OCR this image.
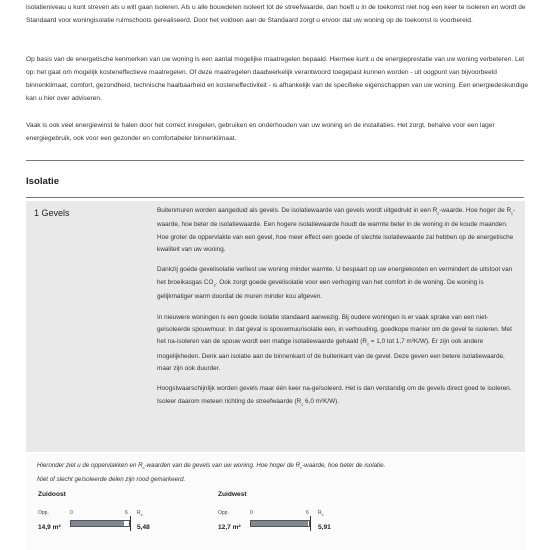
isolatieniveau u kunt streven als u wilt gaan isoleren. Als u alle bouwdelen isoleert tot de streefwaarde, dan hoeft u in de toekomst niet nog een keer te isoleren en wordt de Standaard voor woningisolatie ruimschoots gerealiseerd. Door het voldoen aan de Standaard zorgt u ervoor dat uw woning op de toekomst is voorbereid.

Op basis van de energetische kenmerken van uw woning is een aantal mogelijke maatregelen bepaald. Hiermee kunt u de energieprestatie van uw woning verbeteren. Let op: het gaat om mogelijk kosteneffectieve maatregelen. Of deze maatregelen daadwerkelijk verantwoord toegepast kunnen worden - uit oogpunt van bijvoorbeeld binnenklimaat, comfort, gezondheid, technische haalbaarheid en kosteneffectiviteit - is afhankelijk van de specifieke eigenschappen van uw woning. Een energiedeskundige kan u hier over adviseren.

Vaak is ook veel energiewinst te halen door het correct inregelen, gebruiken en onderhouden van uw woning en de installaties. Het zorgt, behalve voor een lager energiegebruik, ook voor een gezonder en comfortabeler binnenklimaat.

Isolatie
1 Gevels	Buitenmuren worden aangeduid als gevels. De isolatiewaarde van gevels wordt uitgedrukt in een $R_c$-waarde. Hoe hoger de $R_c$-waarde, hoe beter de isolatiewaarde. Een hogere isolatiewaarde houdt de warmte beter in de woning in de koude maanden. Hoe groter de oppervlakte van een gevel, hoe meer effect een goede of slechte isolatiewaarde zal hebben op de energetische kwaliteit van uw woning.

Dankzij goede gevelisolatie verliest uw woning minder warmte. U bespaart op uw energiekosten en vermindert de uitstoot van het broeikasgas $CO_2$. Ook zorgt goede gevelisolatie voor een verhoging van het comfort in de woning. De woning is gelijkmatiger warm doordat de muren minder kou afgeven.

In nieuwere woningen is een goede isolatie standaard aanwezig. Bij oudere woningen is er vaak sprake van een niet-geïsoleerde spouwmuur. In dat geval is spouwmuurisolatie een, in verhouding, goedkope manier om de gevel te isoleren. Met het na-isoleren van de spouw wordt een matige isolatiewaarde gehaald ($R_c = 1,0$ tot 1,7 m²K/W). Er zijn ook andere mogelijkheden. Denk aan isolatie aan de binnenkant of de buitenkant van de gevel. Deze geven een betere isolatiewaarde, maar zijn ook duurder.

Hoogstwaarschijnlijk worden gevels maar één keer na-geïsoleerd. Het is dan verstandig om de gevels direct goed te isoleren. Isoleer daarom meteen richting de streefwaarde ($R_c$ 6,0 m²K/W).

Hieronder ziet u de oppervlakken en $R_c$-waarden van de gevels van uw woning. Hoe hoger de $R_c$-waarde, hoe beter de isolatie.

Niet of slecht geïsoleerde delen zijn rood gemarkeerd.

Zuidoost
Opp.	0	6 $R_c$
14,9 m²	5,48
Zuidwest
Opp.	0	6 $R_c$
12,7 m²	5,91
